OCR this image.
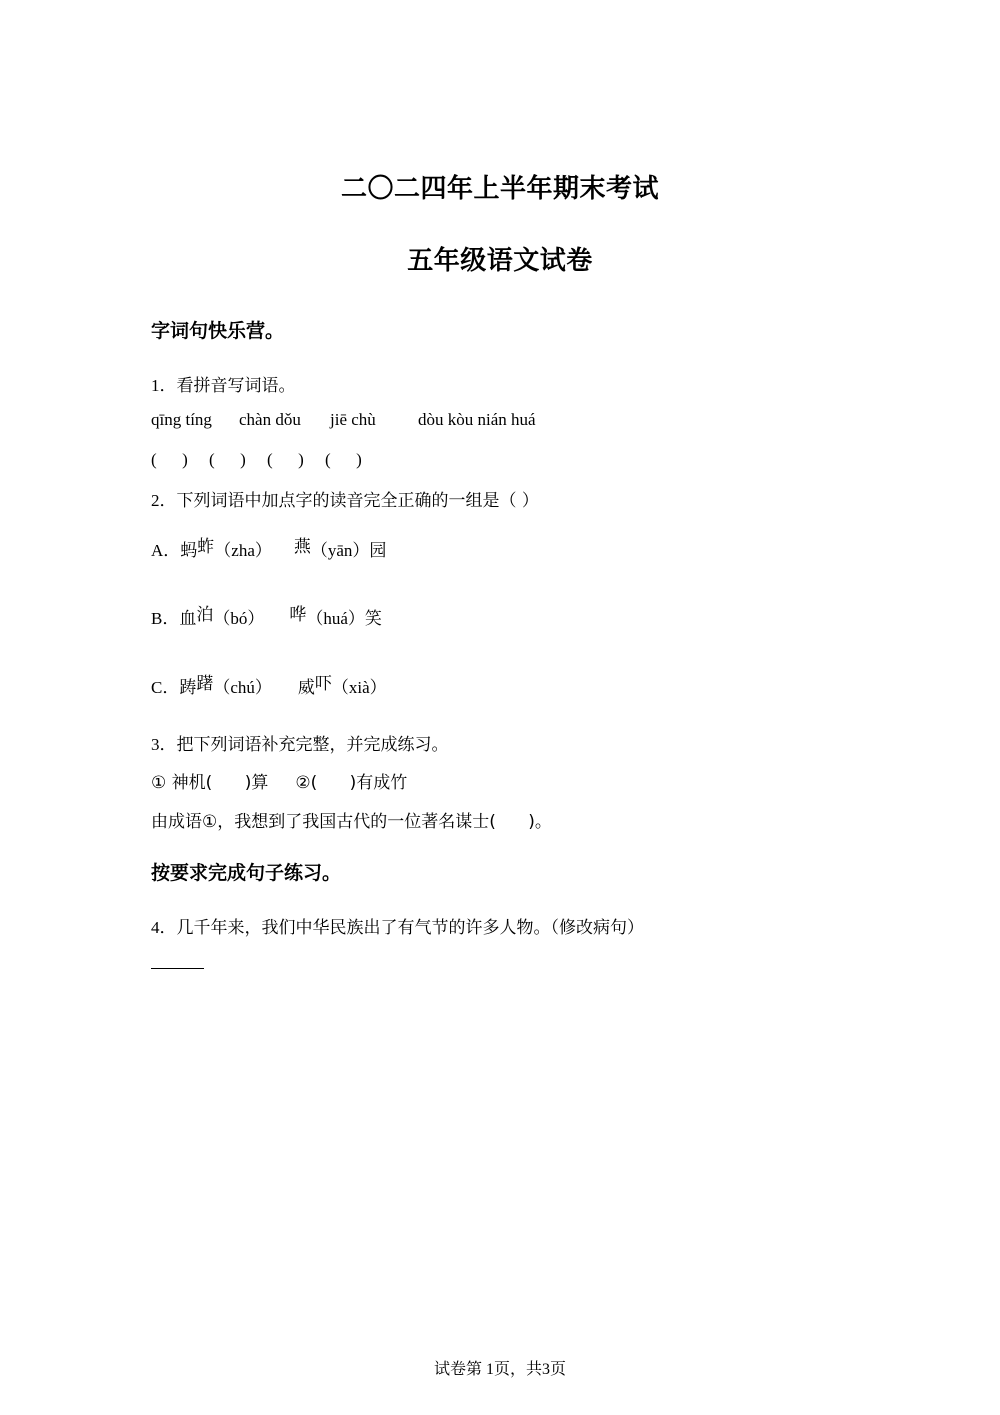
二〇二四年上半年期末考试
五年级语文试卷
字词句快乐营。
1．看拼音写词语。
qīng tíng chàn dǒu jiē chù dòu kòu nián huá
(      ) (      ) (      ) (      )
2．下列词语中加点字的读音完全正确的一组是（ ）
A．蚂蚱（zha） 燕（yān）园
B．血泊（bó） 哗（huá）笑
C．踌躇（chú） 威吓（xià）
3．把下列词语补充完整，并完成练习。
① 神机(      )算     ②(      )有成竹
由成语①，我想到了我国古代的一位著名谋士(      )。
按要求完成句子练习。
4．几千年来，我们中华民族出了有气节的许多人物。（修改病句）
试卷第 1页，共3页
